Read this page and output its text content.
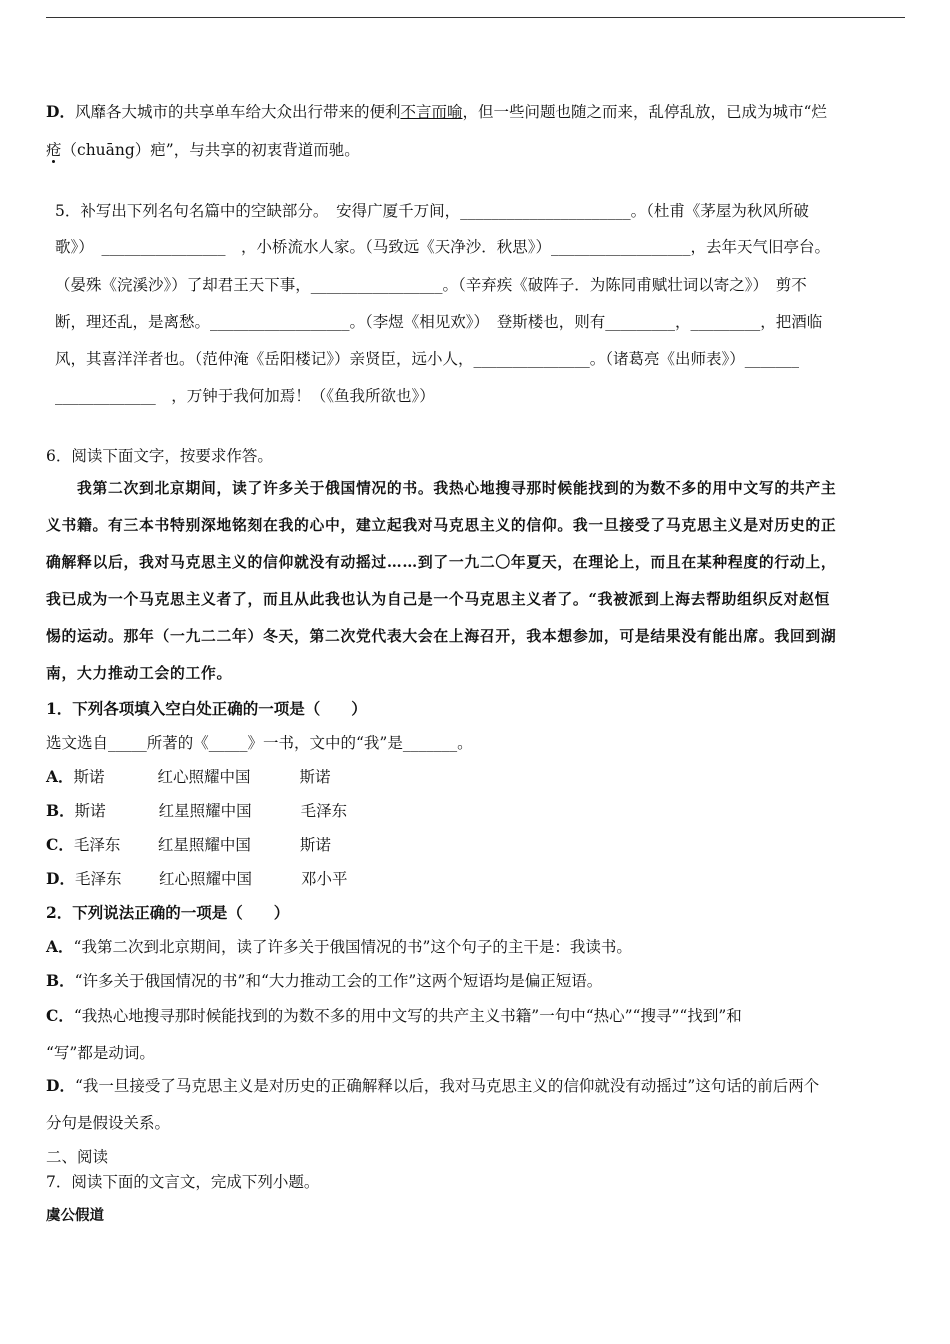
D．风靡各大城市的共享单车给大众出行带来的便利不言而喻，但一些问题也随之而来，乱停乱放，已成为城市“烂
疮（chuāng）疤”，与共享的初衷背道而驰。
5．补写出下列名句名篇中的空缺部分。　安得广厦千万间，______________________。（杜甫《茅屋为秋风所破
歌》）　________________　，小桥流水人家。（马致远《天净沙．秋思》）__________________，去年天气旧亭台。
（晏殊《浣溪沙》）了却君王天下事，_________________。（辛弃疾《破阵子．为陈同甫赋壮词以寄之》）　剪不
断，理还乱，是离愁。__________________。（李煜《相见欢》）　登斯楼也，则有_________，_________，把酒临
风，其喜洋洋者也。（范仲淹《岳阳楼记》）亲贤臣，远小人，_______________。（诸葛亮《出师表》）_______
_____________　，万钟于我何加焉！（《鱼我所欲也》）
6．阅读下面文字，按要求作答。
　　我第二次到北京期间，读了许多关于俄国情况的书。我热心地搜寻那时候能找到的为数不多的用中文写的共产主
义书籍。有三本书特别深地铭刻在我的心中，建立起我对马克思主义的信仰。我一旦接受了马克思主义是对历史的正
确解释以后，我对马克思主义的信仰就没有动摇过……到了一九二〇年夏天，在理论上，而且在某种程度的行动上，
我已成为一个马克思主义者了，而且从此我也认为自己是一个马克思主义者了。“我被派到上海去帮助组织反对赵恒
惕的运动。那年（一九二二年）冬天，第二次党代表大会在上海召开，我本想参加，可是结果没有能出席。我回到湖
南，大力推动工会的工作。
1．下列各项填入空白处正确的一项是（　　）
选文选自_____所著的《_____》一书，文中的“我”是_______。
A．斯诺	红心照耀中国	斯诺
B．斯诺	红星照耀中国	毛泽东
C．毛泽东 红星照耀中国	斯诺
D．毛泽东 红心照耀中国	邓小平
2．下列说法正确的一项是（　　）
A．“我第二次到北京期间，读了许多关于俄国情况的书”这个句子的主干是：我读书。
B．“许多关于俄国情况的书”和“大力推动工会的工作”这两个短语均是偏正短语。
C．“我热心地搜寻那时候能找到的为数不多的用中文写的共产主义书籍”一句中“热心”“搜寻”“找到”和
“写”都是动词。
D．“我一旦接受了马克思主义是对历史的正确解释以后，我对马克思主义的信仰就没有动摇过”这句话的前后两个
分句是假设关系。
二、阅读
7．阅读下面的文言文，完成下列小题。
虞公假道
